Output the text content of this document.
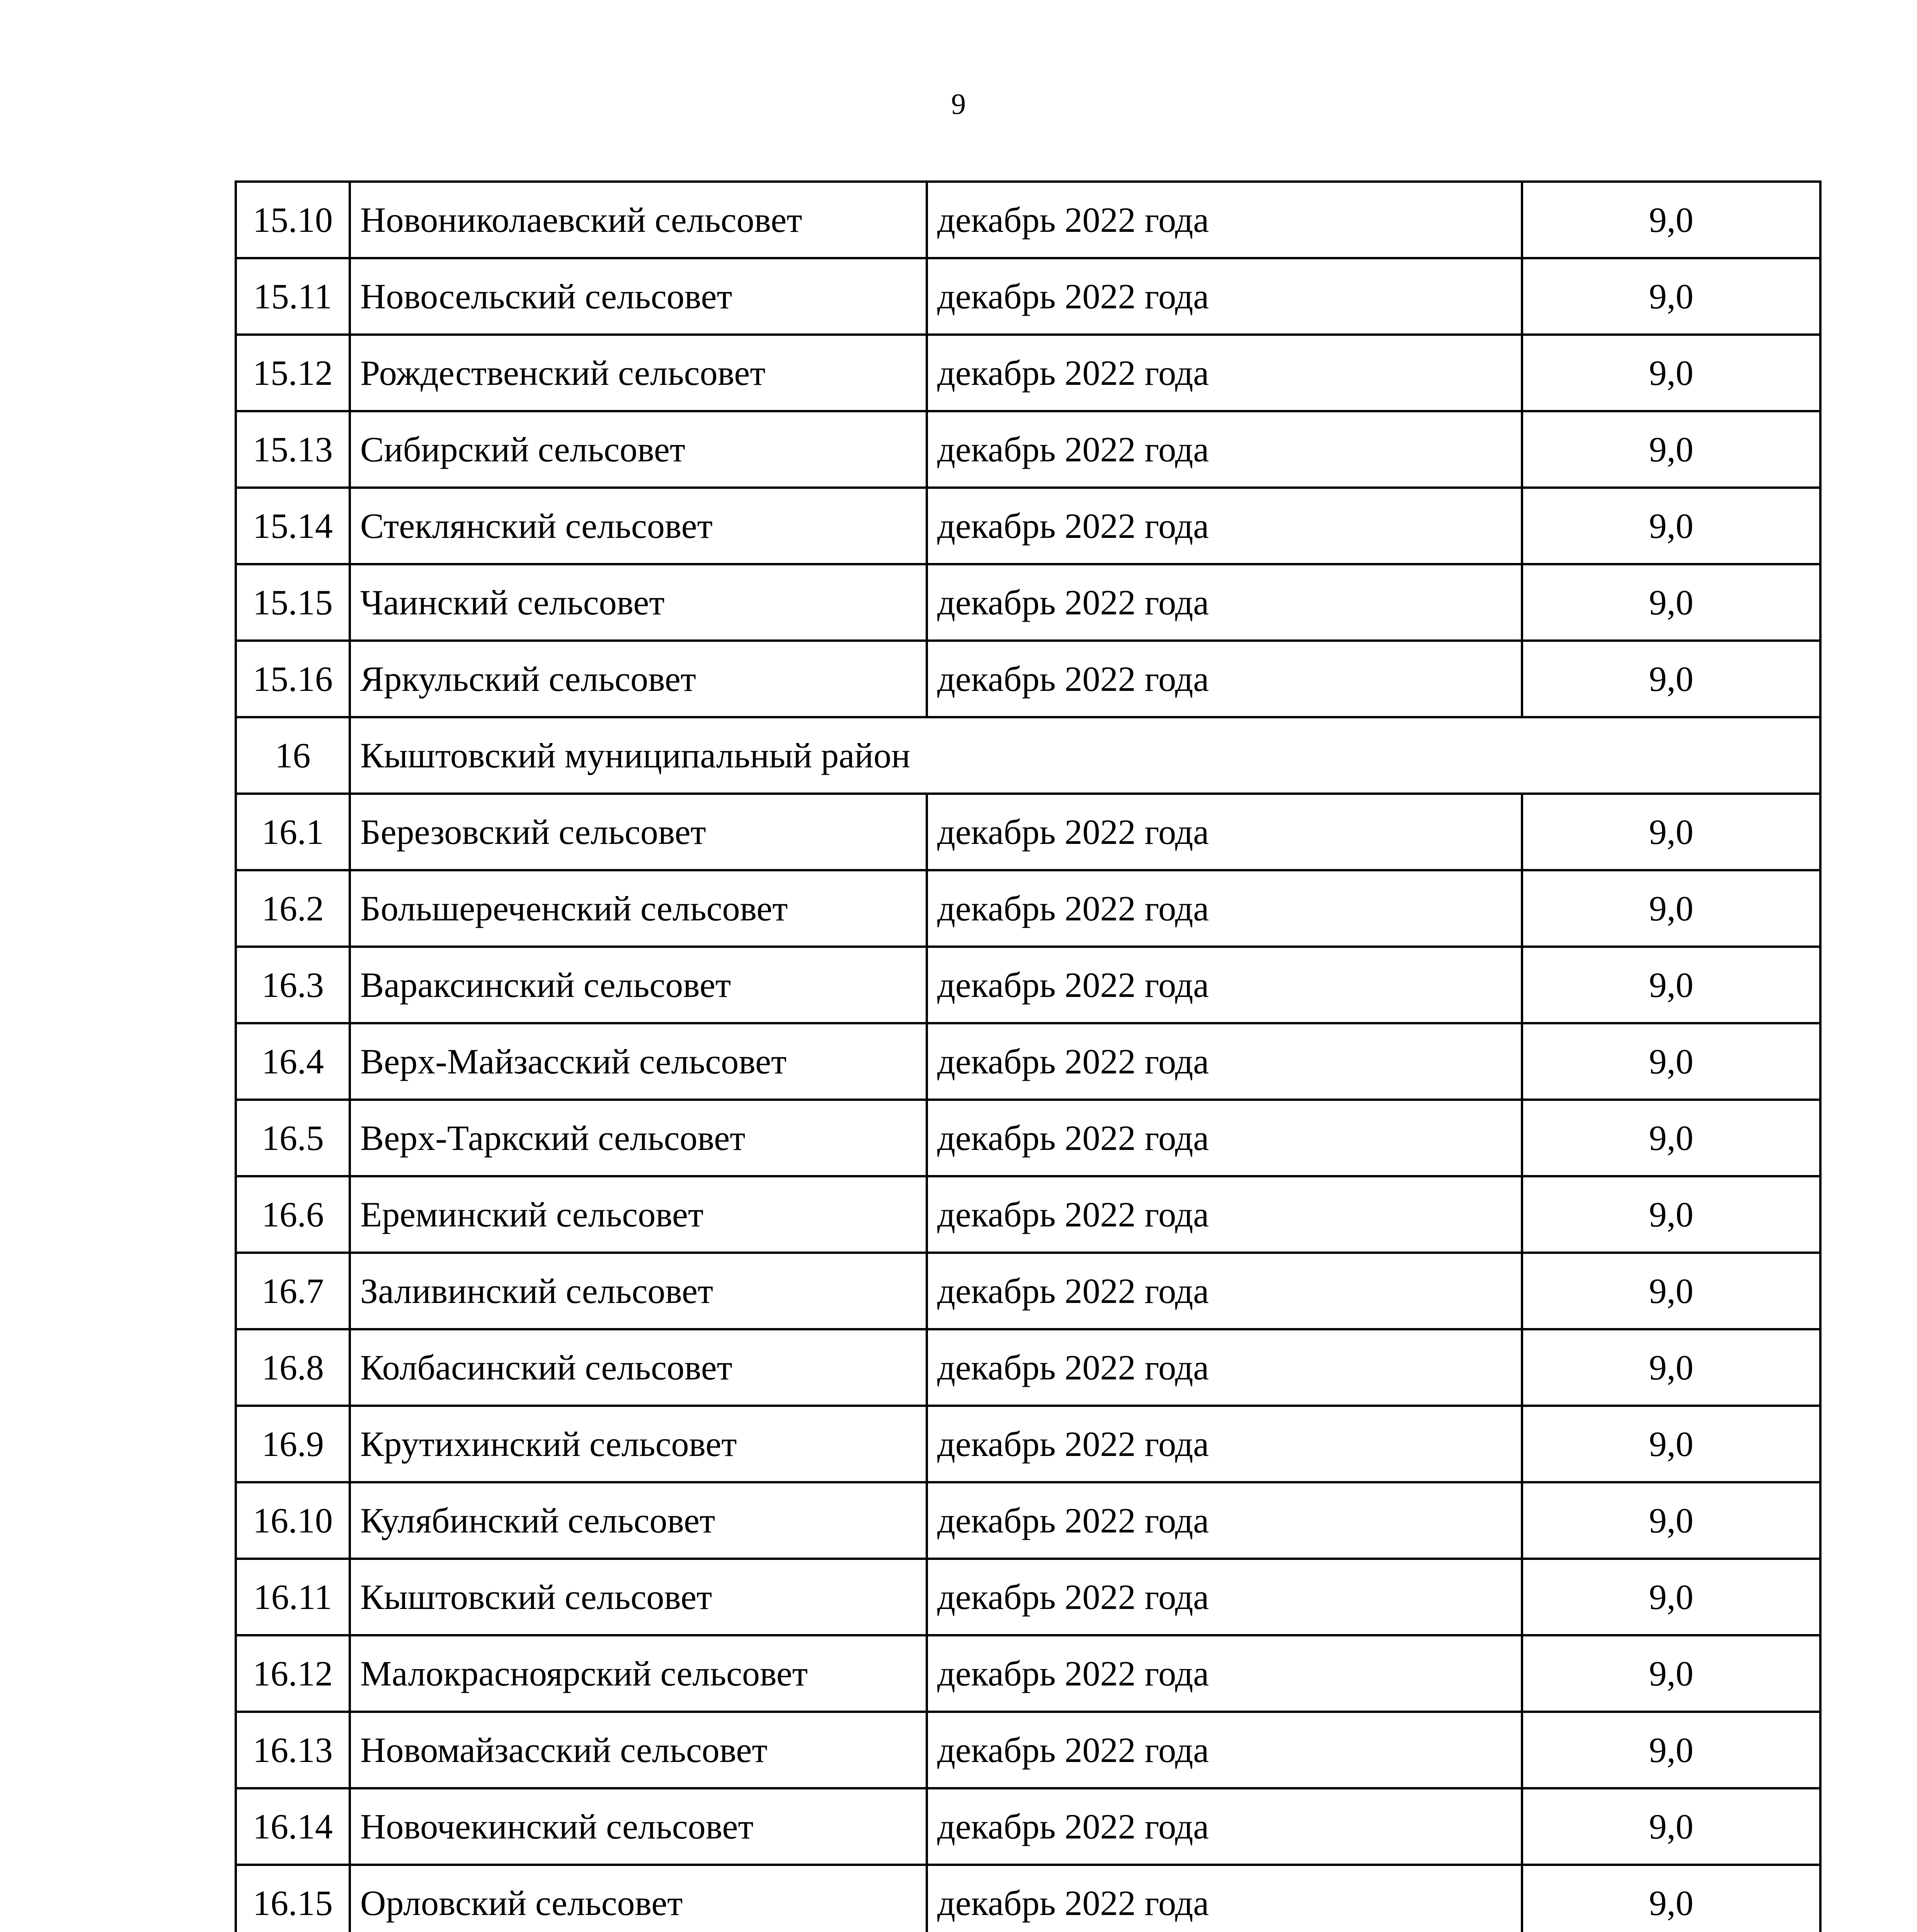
9
15.10	Новониколаевский сельсовет	декабрь 2022 года	9,0
15.11	Новосельский сельсовет	декабрь 2022 года	9,0
15.12	Рождественский сельсовет	декабрь 2022 года	9,0
15.13	Сибирский сельсовет	декабрь 2022 года	9,0
15.14	Стеклянский сельсовет	декабрь 2022 года	9,0
15.15	Чаинский сельсовет	декабрь 2022 года	9,0
15.16	Яркульский сельсовет	декабрь 2022 года	9,0
16	Кыштовский муниципальный район		
16.1	Березовский сельсовет	декабрь 2022 года	9,0
16.2	Большереченский сельсовет	декабрь 2022 года	9,0
16.3	Вараксинский сельсовет	декабрь 2022 года	9,0
16.4	Верх-Майзасский сельсовет	декабрь 2022 года	9,0
16.5	Верх-Таркский сельсовет	декабрь 2022 года	9,0
16.6	Ереминский сельсовет	декабрь 2022 года	9,0
16.7	Заливинский сельсовет	декабрь 2022 года	9,0
16.8	Колбасинский сельсовет	декабрь 2022 года	9,0
16.9	Крутихинский сельсовет	декабрь 2022 года	9,0
16.10	Кулябинский сельсовет	декабрь 2022 года	9,0
16.11	Кыштовский сельсовет	декабрь 2022 года	9,0
16.12	Малокрасноярский сельсовет	декабрь 2022 года	9,0
16.13	Новомайзасский сельсовет	декабрь 2022 года	9,0
16.14	Новочекинский сельсовет	декабрь 2022 года	9,0
16.15	Орловский сельсовет	декабрь 2022 года	9,0
